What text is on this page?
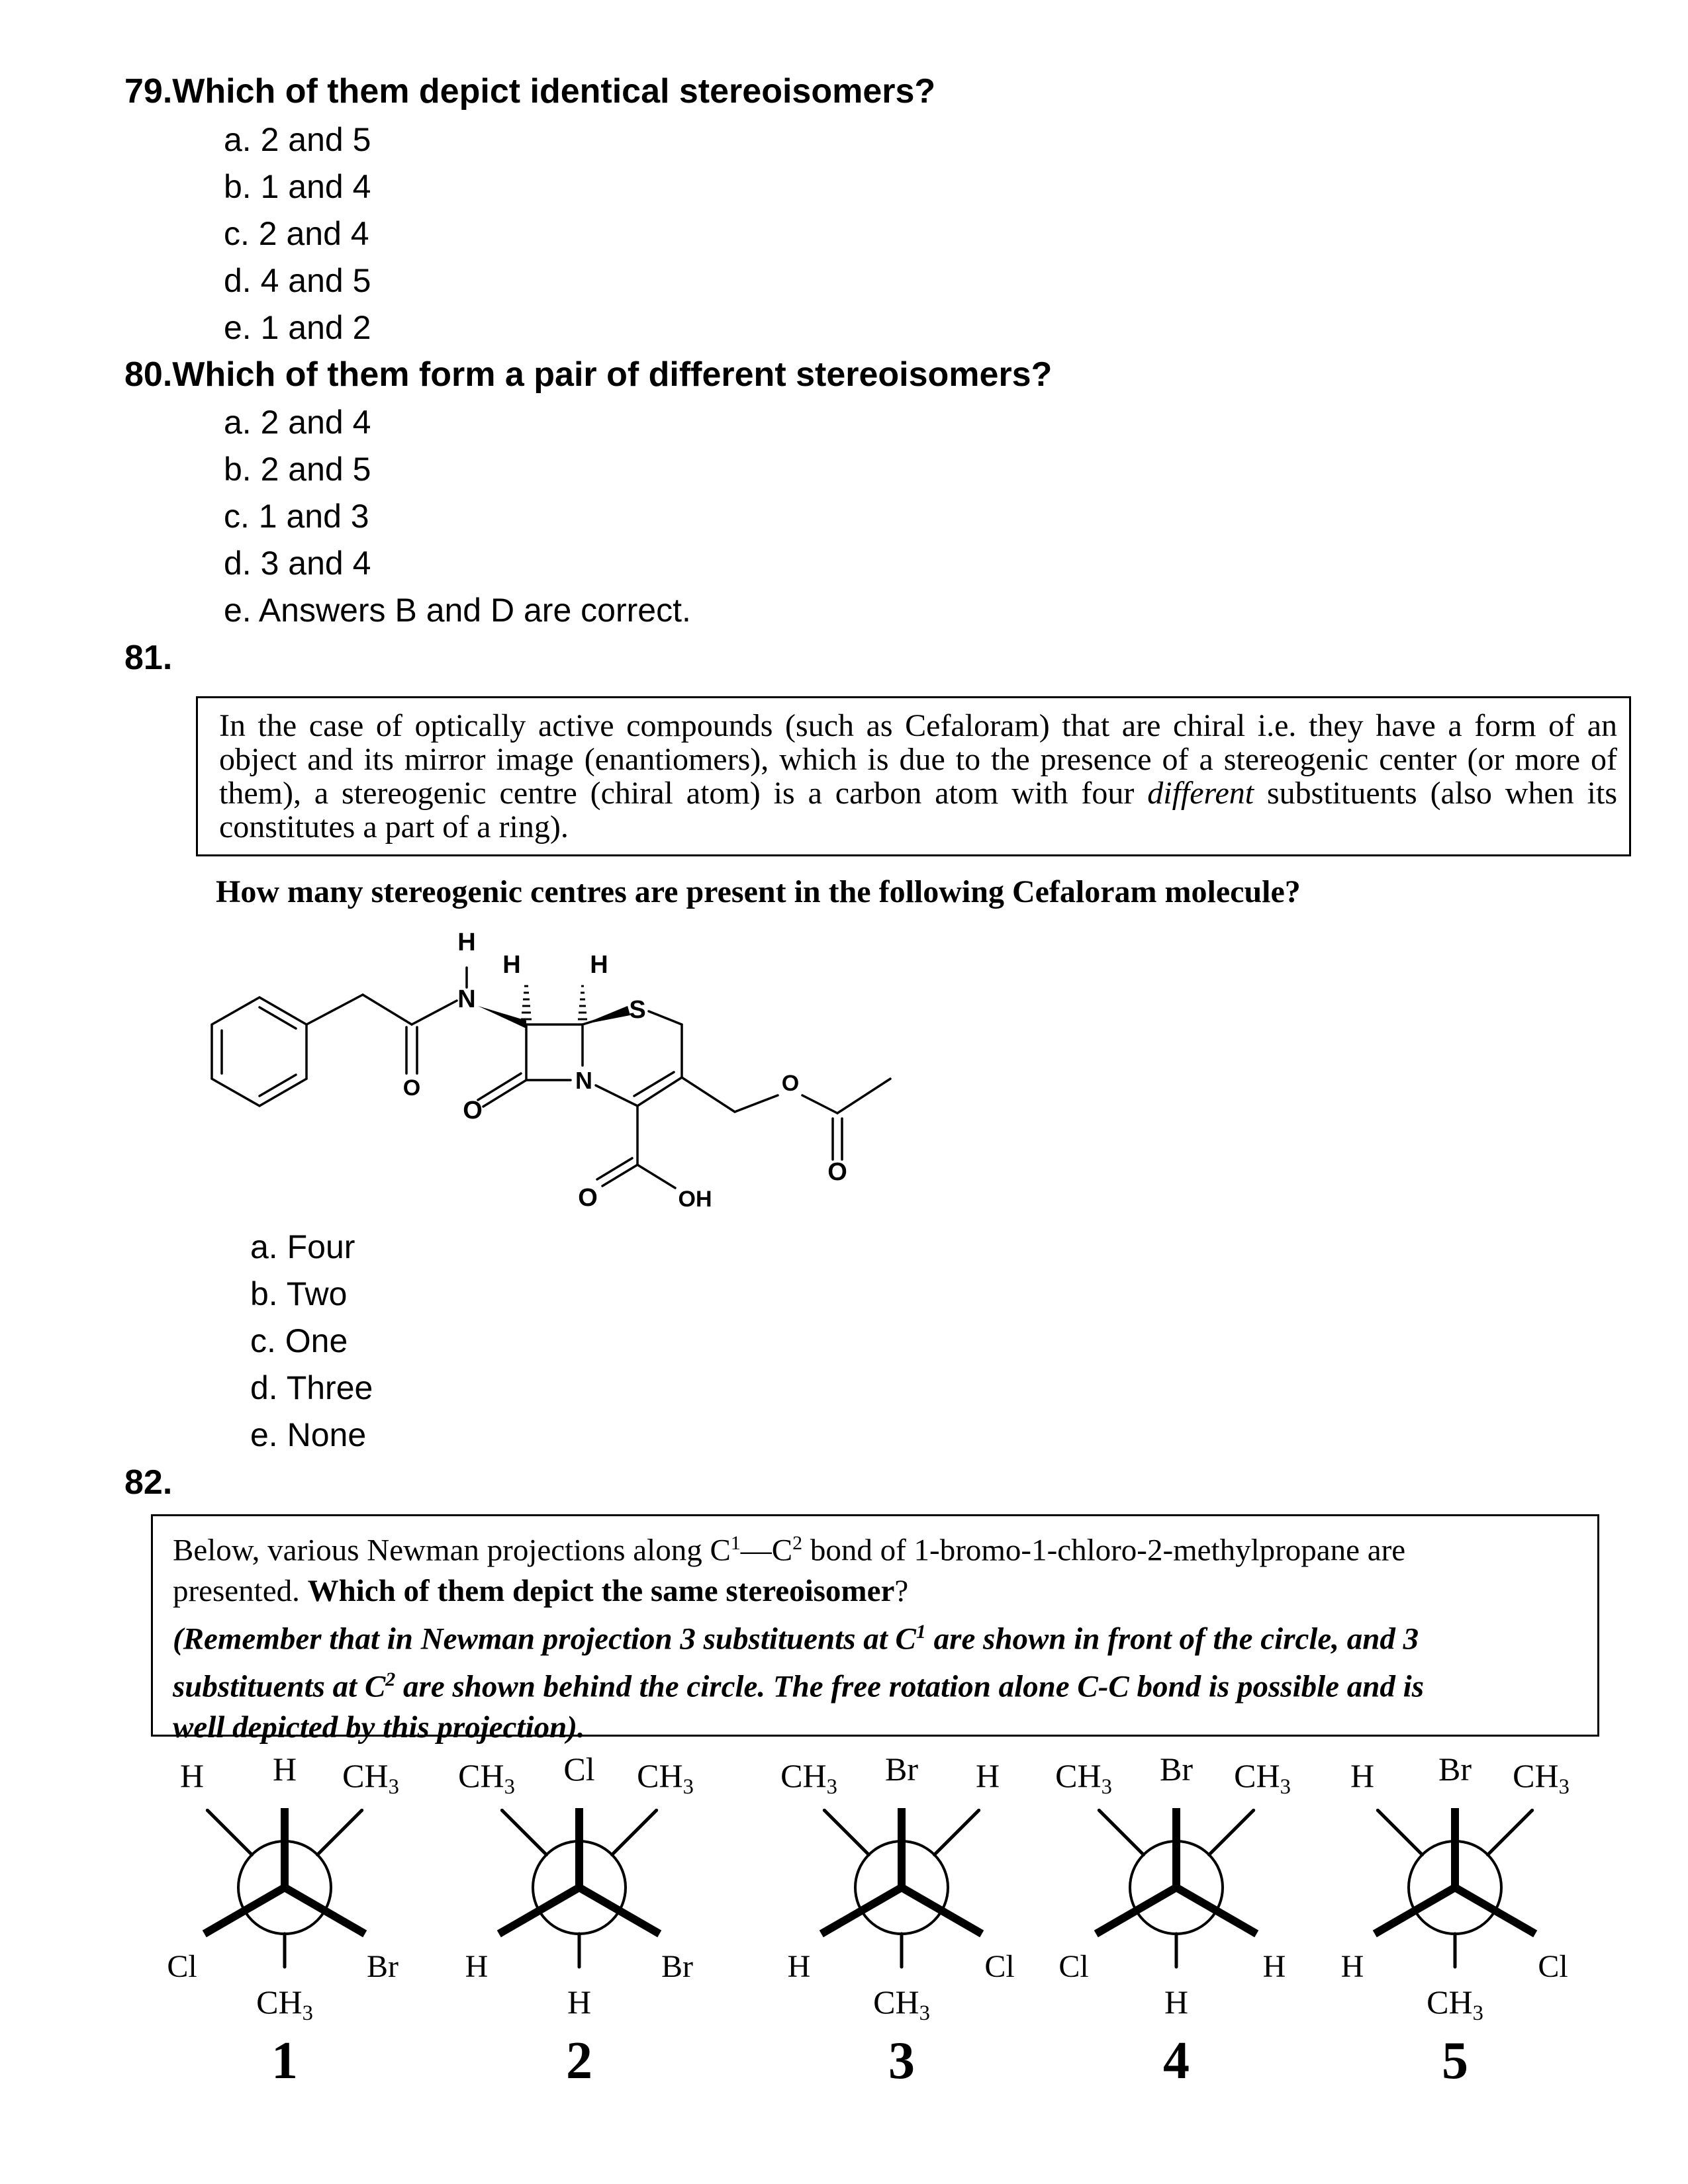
79.Which of them depict identical stereoisomers?
a. 2 and 5
b. 1 and 4
c. 2 and 4
d. 4 and 5
e. 1 and 2
80.Which of them form a pair of different stereoisomers?
a. 2 and 4
b. 2 and 5
c. 1 and 3
d. 3 and 4
e. Answers B and D are correct.
81.
In the case of optically active compounds (such as Cefaloram) that are chiral i.e. they have a form of an object and its mirror image (enantiomers), which is due to the presence of a stereogenic center (or more of them), a stereogenic centre (chiral atom) is a carbon atom with four different substituents (also when its constitutes a part of a ring).
How many stereogenic centres are present in the following Cefaloram molecule?
H
H	H
N	S
N
O
O
O	OH
O
O
a. Four
b. Two
c. One
d. Three
e. None
82.
Below, various Newman projections along $C^1—C^2$ bond of 1-bromo-1-chloro-2-methylpropane are
presented. Which of them depict the same stereoisomer?
(Remember that in Newman projection 3 substituents at $C^1$ are shown in front of the circle, and 3
substituents at $C^2$ are shown behind the circle. The free rotation alone C-C bond is possible and is
well depicted by this projection).
H	$CH_3$
H
Cl	Br
$CH_3$
1
$CH_3$	$CH_3$
Cl
H	Br
H
2
$CH_3$	H
Br
H	Cl
$CH_3$
3
$CH_3$	$CH_3$
Br
Cl	H
H
4
H	$CH_3$
Br
H	Cl
$CH_3$
5
